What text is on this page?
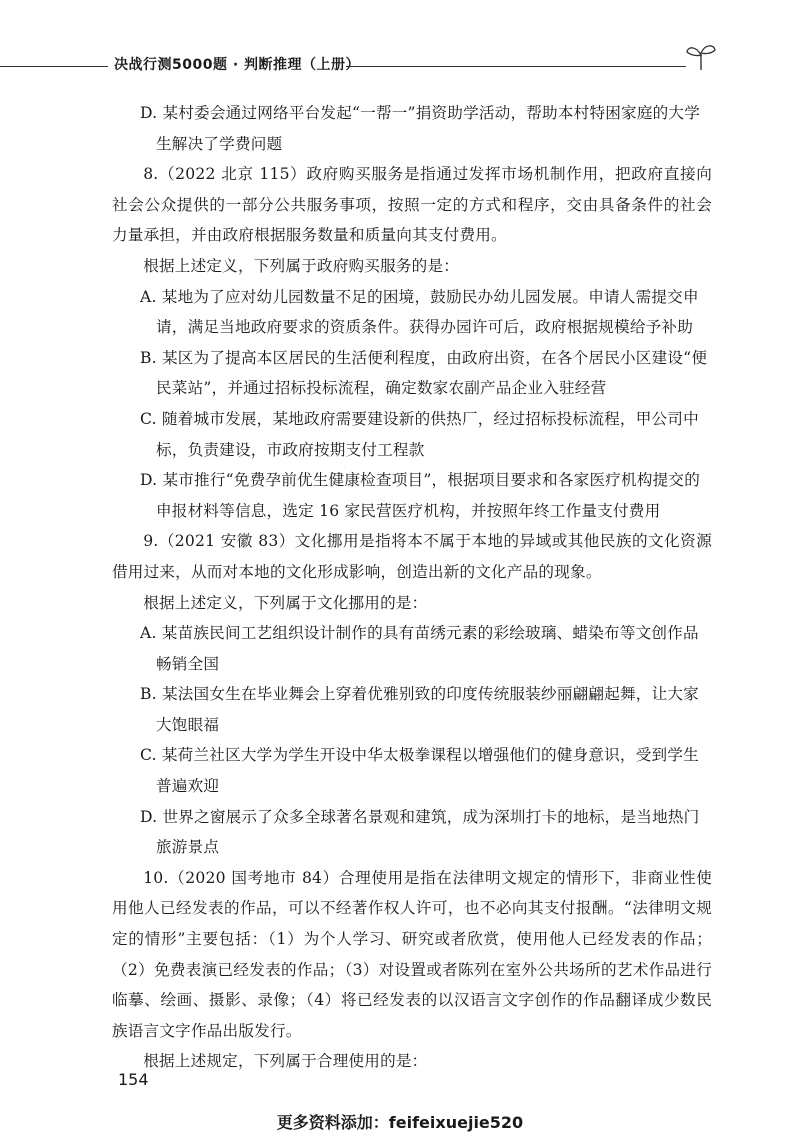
决战行测5000题 · 判断推理（上册）
D. 某村委会通过网络平台发起“一帮一”捐资助学活动，帮助本村特困家庭的大学生解决了学费问题
8.（2022 北京 115）政府购买服务是指通过发挥市场机制作用，把政府直接向社会公众提供的一部分公共服务事项，按照一定的方式和程序，交由具备条件的社会力量承担，并由政府根据服务数量和质量向其支付费用。
根据上述定义，下列属于政府购买服务的是：
A. 某地为了应对幼儿园数量不足的困境，鼓励民办幼儿园发展。申请人需提交申请，满足当地政府要求的资质条件。获得办园许可后，政府根据规模给予补助
B. 某区为了提高本区居民的生活便利程度，由政府出资，在各个居民小区建设“便民菜站”，并通过招标投标流程，确定数家农副产品企业入驻经营
C. 随着城市发展，某地政府需要建设新的供热厂，经过招标投标流程，甲公司中标，负责建设，市政府按期支付工程款
D. 某市推行“免费孕前优生健康检查项目”，根据项目要求和各家医疗机构提交的申报材料等信息，选定 16 家民营医疗机构，并按照年终工作量支付费用
9.（2021 安徽 83）文化挪用是指将本不属于本地的异域或其他民族的文化资源借用过来，从而对本地的文化形成影响，创造出新的文化产品的现象。
根据上述定义，下列属于文化挪用的是：
A. 某苗族民间工艺组织设计制作的具有苗绣元素的彩绘玻璃、蜡染布等文创作品畅销全国
B. 某法国女生在毕业舞会上穿着优雅别致的印度传统服装纱丽翩翩起舞，让大家大饱眼福
C. 某荷兰社区大学为学生开设中华太极拳课程以增强他们的健身意识，受到学生普遍欢迎
D. 世界之窗展示了众多全球著名景观和建筑，成为深圳打卡的地标，是当地热门旅游景点
10.（2020 国考地市 84）合理使用是指在法律明文规定的情形下，非商业性使用他人已经发表的作品，可以不经著作权人许可，也不必向其支付报酬。“法律明文规定的情形”主要包括：（1）为个人学习、研究或者欣赏，使用他人已经发表的作品；（2）免费表演已经发表的作品；（3）对设置或者陈列在室外公共场所的艺术作品进行临摹、绘画、摄影、录像；（4）将已经发表的以汉语言文字创作的作品翻译成少数民族语言文字作品出版发行。
根据上述规定，下列属于合理使用的是：
154
更多资料添加：feifeixuejie520
